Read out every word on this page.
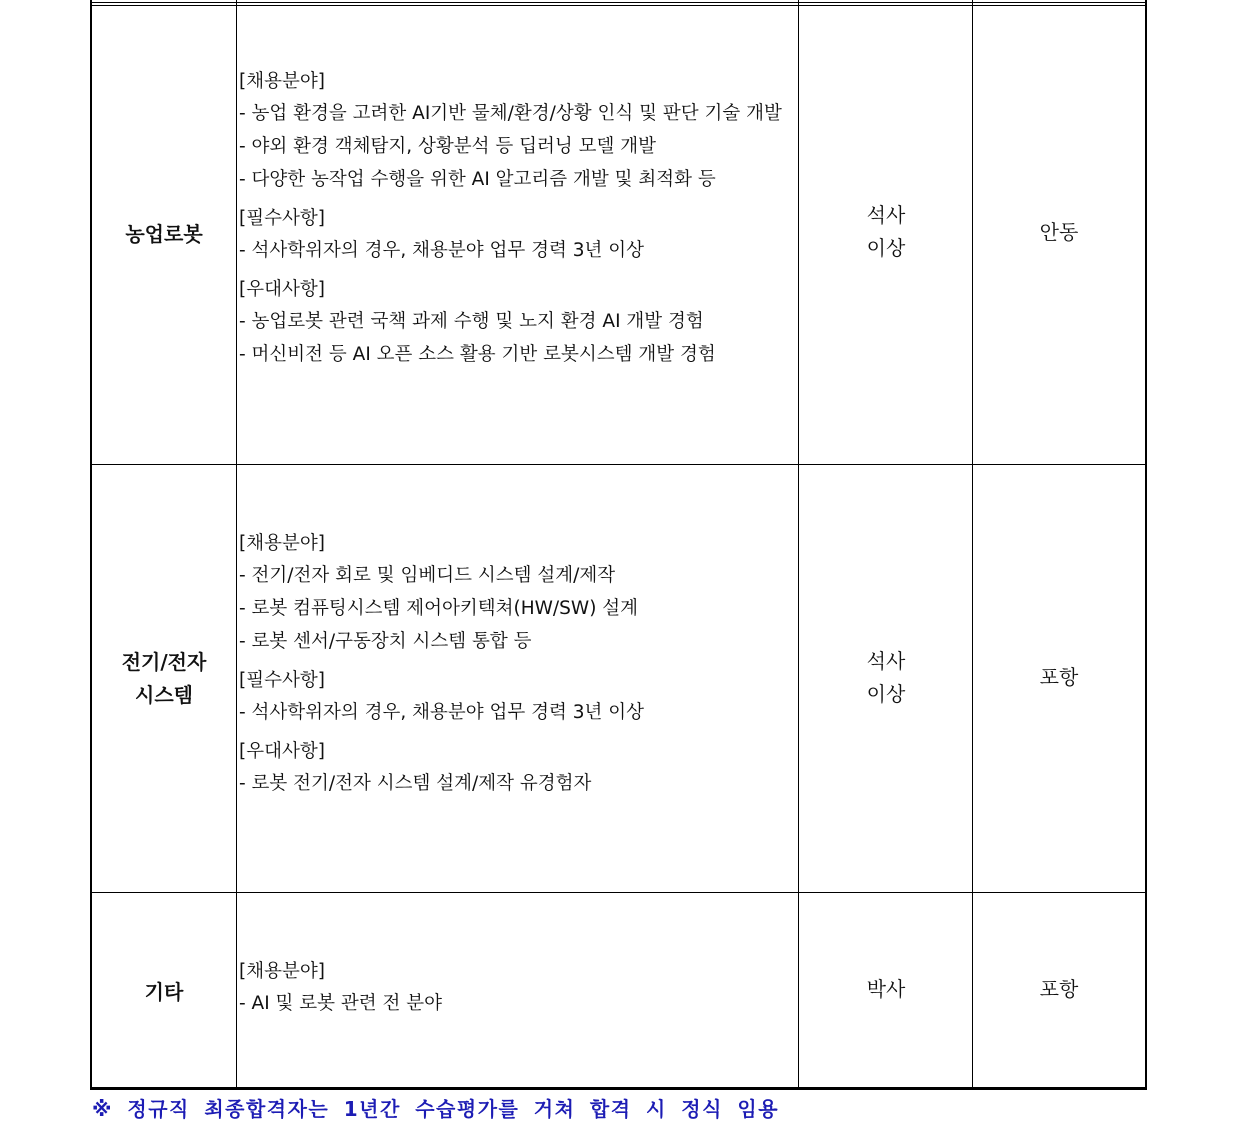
농업로봇
[채용분야]
- 농업 환경을 고려한 AI기반 물체/환경/상황 인식 및 판단 기술 개발
- 야외 환경 객체탐지, 상황분석 등 딥러닝 모델 개발
- 다양한 농작업 수행을 위한 AI 알고리즘 개발 및 최적화 등
[필수사항]
- 석사학위자의 경우, 채용분야 업무 경력 3년 이상
[우대사항]
- 농업로봇 관련 국책 과제 수행 및 노지 환경 AI 개발 경험
- 머신비전 등 AI 오픈 소스 활용 기반 로봇시스템 개발 경험
석사
이상
안동
전기/전자
시스템
[채용분야]
- 전기/전자 회로 및 임베디드 시스템 설계/제작
- 로봇 컴퓨팅시스템 제어아키텍쳐(HW/SW) 설계
- 로봇 센서/구동장치 시스템 통합 등
[필수사항]
- 석사학위자의 경우, 채용분야 업무 경력 3년 이상
[우대사항]
- 로봇 전기/전자 시스템 설계/제작 유경험자
석사
이상
포항
기타
[채용분야]
- AI 및 로봇 관련 전 분야
박사	포항
※ 정규직 최종합격자는 1년간 수습평가를 거쳐 합격 시 정식 임용
